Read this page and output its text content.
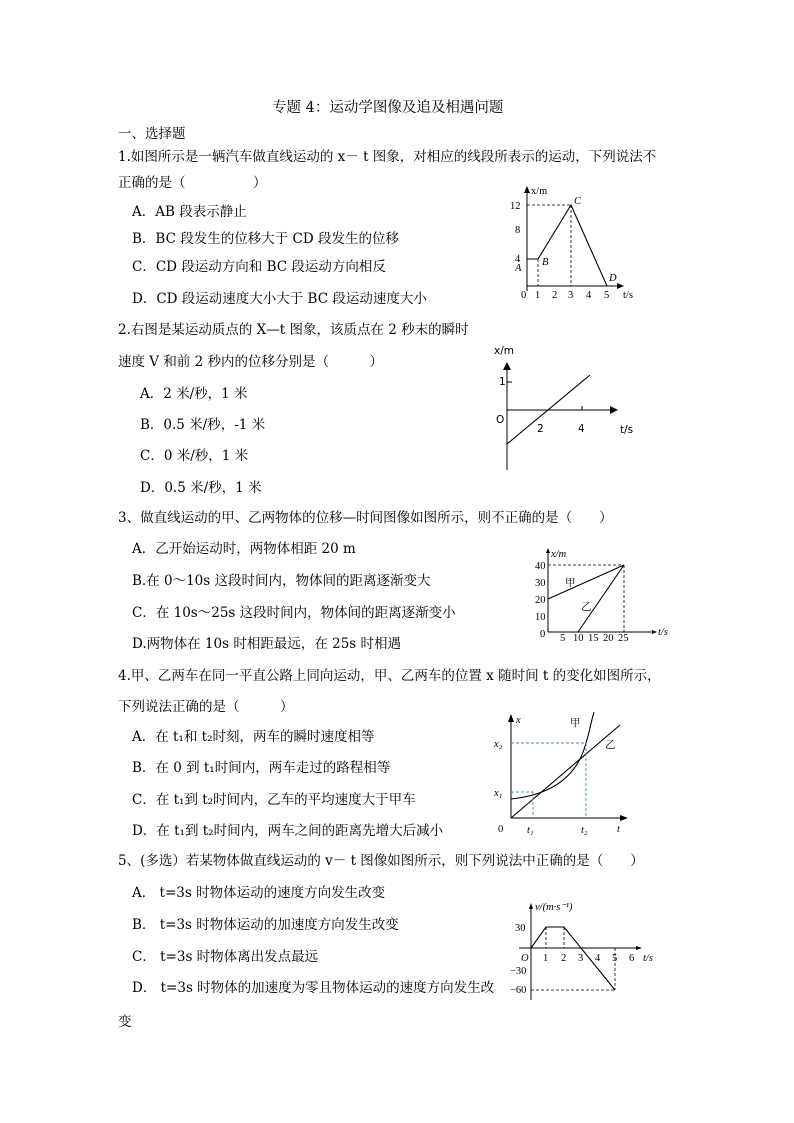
专题 4：运动学图像及追及相遇问题
一、选择题
1.如图所示是一辆汽车做直线运动的 x－ t 图象，对相应的线段所表示的运动，下列说法不
正确的是（　　　　　）
A．AB 段表示静止
B．BC 段发生的位移大于 CD 段发生的位移
C．CD 段运动方向和 BC 段运动方向相反
D．CD 段运动速度大小大于 BC 段运动速度大小
x/m
t/s
12
8
4
0 1 2 3 4 5
A
B
C
D
2.右图是某运动质点的 X—t 图象，该质点在 2 秒末的瞬时
速度 V 和前 2 秒内的位移分别是（　　　）
A．2 米/秒，1 米
B．0.5 米/秒，-1 米
C．0 米/秒，1 米
D．0.5 米/秒，1 米
x/m
t/s
O
1
2	4
3、做直线运动的甲、乙两物体的位移—时间图像如图所示，则不正确的是（　　）
A．乙开始运动时，两物体相距 20 m
B.在 0～10s 这段时间内，物体间的距离逐渐变大
C．在 10s～25s 这段时间内，物体间的距离逐渐变小
D.两物体在 10s 时相距最远，在 25s 时相遇
x/m
t/s
40
30
20
10
0 5 10 15 20 25
甲
乙
4.甲、乙两车在同一平直公路上同向运动，甲、乙两车的位置 x 随时间 t 的变化如图所示，
下列说法正确的是（　　　）
A．在 t₁和 t₂时刻，两车的瞬时速度相等
B．在 0 到 t₁时间内，两车走过的路程相等
C．在 t₁到 t₂时间内，乙车的平均速度大于甲车
D．在 t₁到 t₂时间内，两车之间的距离先增大后减小
x
t
0
x₁
x₂
t₁	t₂
甲
乙
5、(多选）若某物体做直线运动的 v－ t 图像如图所示，则下列说法中正确的是（　　）
A． t=3s 时物体运动的速度方向发生改变
B． t=3s 时物体运动的加速度方向发生改变
C． t=3s 时物体离出发点最远
D． t=3s 时物体的加速度为零且物体运动的速度方向发生改
变
v/(m·s⁻¹)
t/s
O
30
−30
−60
1 2 3 4 5 6
